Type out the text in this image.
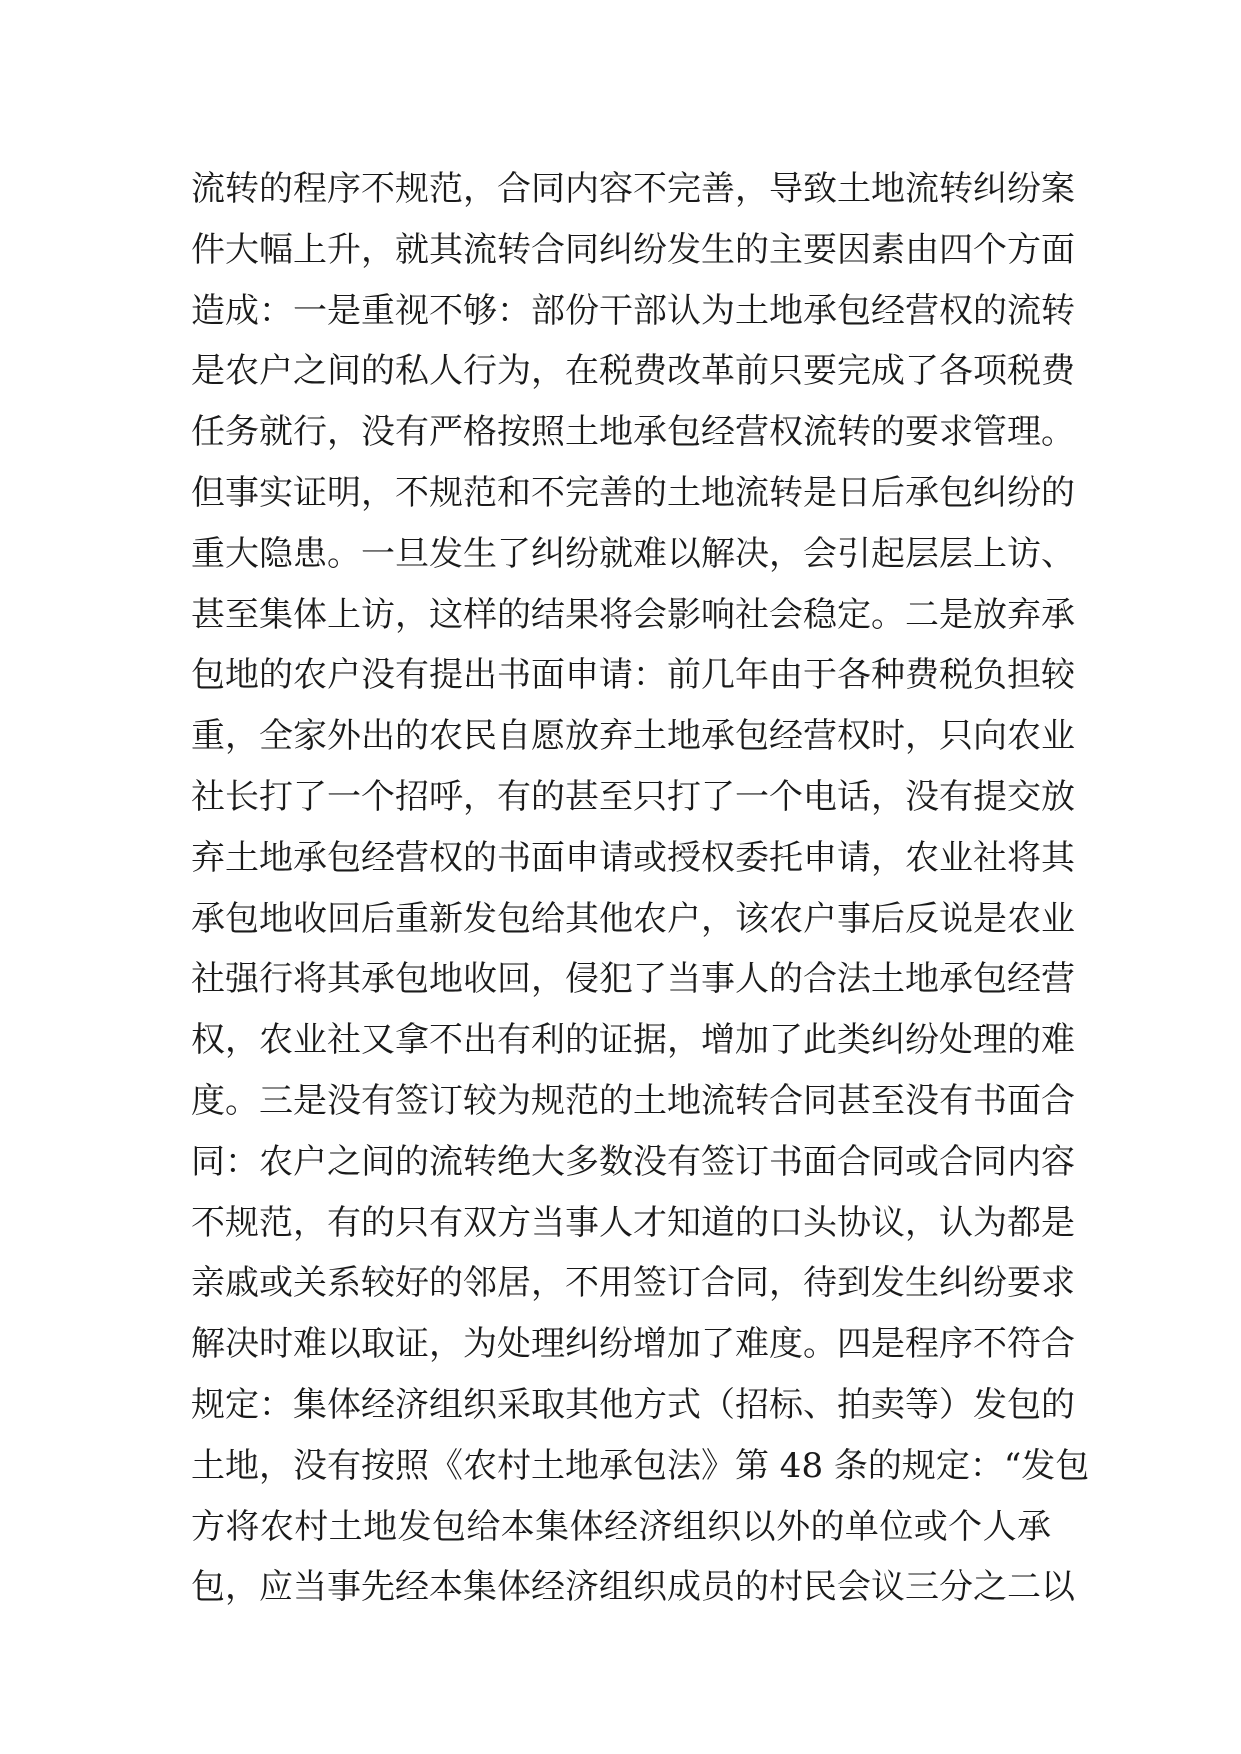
流转的程序不规范，合同内容不完善，导致土地流转纠纷案
件大幅上升，就其流转合同纠纷发生的主要因素由四个方面
造成：一是重视不够：部份干部认为土地承包经营权的流转
是农户之间的私人行为，在税费改革前只要完成了各项税费
任务就行，没有严格按照土地承包经营权流转的要求管理。
但事实证明，不规范和不完善的土地流转是日后承包纠纷的
重大隐患。一旦发生了纠纷就难以解决，会引起层层上访、
甚至集体上访，这样的结果将会影响社会稳定。二是放弃承
包地的农户没有提出书面申请：前几年由于各种费税负担较
重，全家外出的农民自愿放弃土地承包经营权时，只向农业
社长打了一个招呼，有的甚至只打了一个电话，没有提交放
弃土地承包经营权的书面申请或授权委托申请，农业社将其
承包地收回后重新发包给其他农户，该农户事后反说是农业
社强行将其承包地收回，侵犯了当事人的合法土地承包经营
权，农业社又拿不出有利的证据，增加了此类纠纷处理的难
度。三是没有签订较为规范的土地流转合同甚至没有书面合
同：农户之间的流转绝大多数没有签订书面合同或合同内容
不规范，有的只有双方当事人才知道的口头协议，认为都是
亲戚或关系较好的邻居，不用签订合同，待到发生纠纷要求
解决时难以取证，为处理纠纷增加了难度。四是程序不符合
规定：集体经济组织采取其他方式（招标、拍卖等）发包的
土地，没有按照《农村土地承包法》第 48 条的规定：“发包
方将农村土地发包给本集体经济组织以外的单位或个人承
包，应当事先经本集体经济组织成员的村民会议三分之二以
